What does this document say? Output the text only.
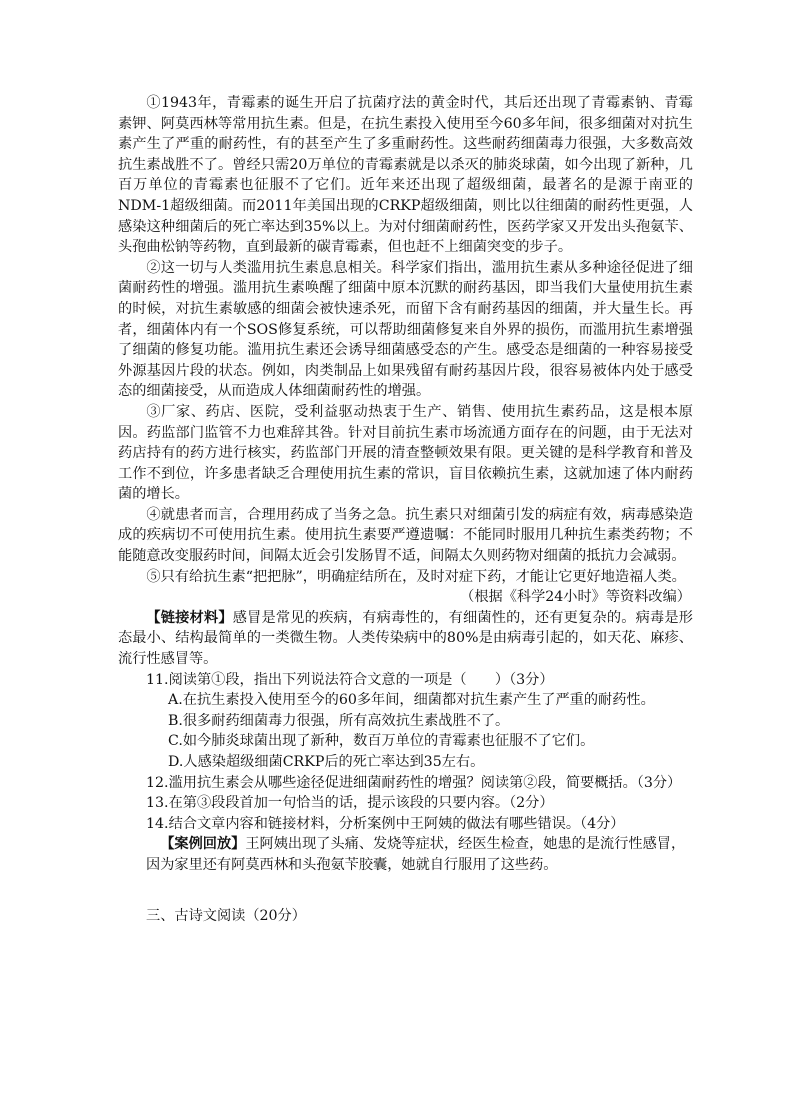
①1943年，青霉素的诞生开启了抗菌疗法的黄金时代，其后还出现了青霉素钠、青霉素钾、阿莫西林等常用抗生素。但是，在抗生素投入使用至今60多年间，很多细菌对对抗生素产生了严重的耐药性，有的甚至产生了多重耐药性。这些耐药细菌毒力很强，大多数高效抗生素战胜不了。曾经只需20万单位的青霉素就是以杀灭的肺炎球菌，如今出现了新种，几百万单位的青霉素也征服不了它们。近年来还出现了超级细菌，最著名的是源于南亚的NDM-1超级细菌。而2011年美国出现的CRKP超级细菌，则比以往细菌的耐药性更强，人感染这种细菌后的死亡率达到35%以上。为对付细菌耐药性，医药学家又开发出头孢氨苄、头孢曲松钠等药物，直到最新的碳青霉素，但也赶不上细菌突变的步子。

②这一切与人类滥用抗生素息息相关。科学家们指出，滥用抗生素从多种途径促进了细菌耐药性的增强。滥用抗生素唤醒了细菌中原本沉默的耐药基因，即当我们大量使用抗生素的时候，对抗生素敏感的细菌会被快速杀死，而留下含有耐药基因的细菌，并大量生长。再者，细菌体内有一个SOS修复系统，可以帮助细菌修复来自外界的损伤，而滥用抗生素增强了细菌的修复功能。滥用抗生素还会诱导细菌感受态的产生。感受态是细菌的一种容易接受外源基因片段的状态。例如，肉类制品上如果残留有耐药基因片段，很容易被体内处于感受态的细菌接受，从而造成人体细菌耐药性的增强。

③厂家、药店、医院，受利益驱动热衷于生产、销售、使用抗生素药品，这是根本原因。药监部门监管不力也难辞其咎。针对目前抗生素市场流通方面存在的问题，由于无法对药店持有的药方进行核实，药监部门开展的清查整顿效果有限。更关键的是科学教育和普及工作不到位，许多患者缺乏合理使用抗生素的常识，盲目依赖抗生素，这就加速了体内耐药菌的增长。

④就患者而言，合理用药成了当务之急。抗生素只对细菌引发的病症有效，病毒感染造成的疾病切不可使用抗生素。使用抗生素要严遵遗嘱：不能同时服用几种抗生素类药物；不能随意改变服药时间，间隔太近会引发肠胃不适，间隔太久则药物对细菌的抵抗力会减弱。

⑤只有给抗生素“把把脉”，明确症结所在，及时对症下药，才能让它更好地造福人类。

（根据《科学24小时》等资料改编）

【链接材料】感冒是常见的疾病，有病毒性的，有细菌性的，还有更复杂的。病毒是形态最小、结构最简单的一类微生物。人类传染病中的80%是由病毒引起的，如天花、麻疹、流行性感冒等。

11.阅读第①段，指出下列说法符合文意的一项是（　　）（3分）

A.在抗生素投入使用至今的60多年间，细菌都对抗生素产生了严重的耐药性。

B.很多耐药细菌毒力很强，所有高效抗生素战胜不了。

C.如今肺炎球菌出现了新种，数百万单位的青霉素也征服不了它们。

D.人感染超级细菌CRKP后的死亡率达到35左右。

12.滥用抗生素会从哪些途径促进细菌耐药性的增强？阅读第②段，简要概括。（3分）

13.在第③段段首加一句恰当的话，提示该段的只要内容。（2分）

14.结合文章内容和链接材料，分析案例中王阿姨的做法有哪些错误。（4分）

【案例回放】王阿姨出现了头痛、发烧等症状，经医生检查，她患的是流行性感冒，因为家里还有阿莫西林和头孢氨苄胶囊，她就自行服用了这些药。

三、古诗文阅读（20分）
